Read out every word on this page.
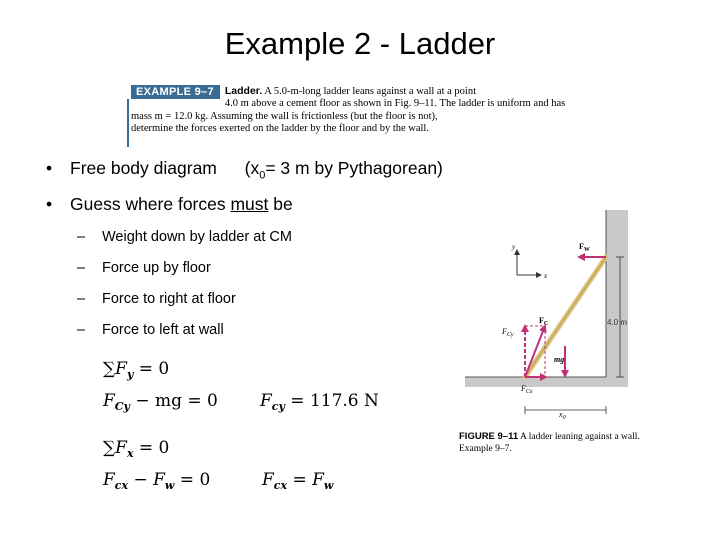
Example 2 - Ladder
EXAMPLE 9–7	Ladder. A 5.0-m-long ladder leans against a wall at a point
4.0 m above a cement floor as shown in Fig. 9–11. The ladder is uniform and has
mass m = 12.0 kg. Assuming the wall is frictionless (but the floor is not),
determine the forces exerted on the ladder by the floor and by the wall.
• Free body diagram ($x_0= 3$ m by Pythagorean)
• Guess where forces must be
– Weight down by ladder at CM
– Force up by floor
– Force to right at floor
– Force to left at wall
$\sum F_y = 0$
$F_{Cy}$ − mg = 0 $F_{cy} = 117.6$ N
$\sum F_x = 0$
$F_{cx} - F_w = 0$	$F_{cx} = F_w$
y
x
$F_W$
$F_C$
$F_{Cy}$
$F_{Cx}$
mg
4.0 m
$x_0$
FIGURE 9–11 A ladder leaning against a wall. Example 9–7.
